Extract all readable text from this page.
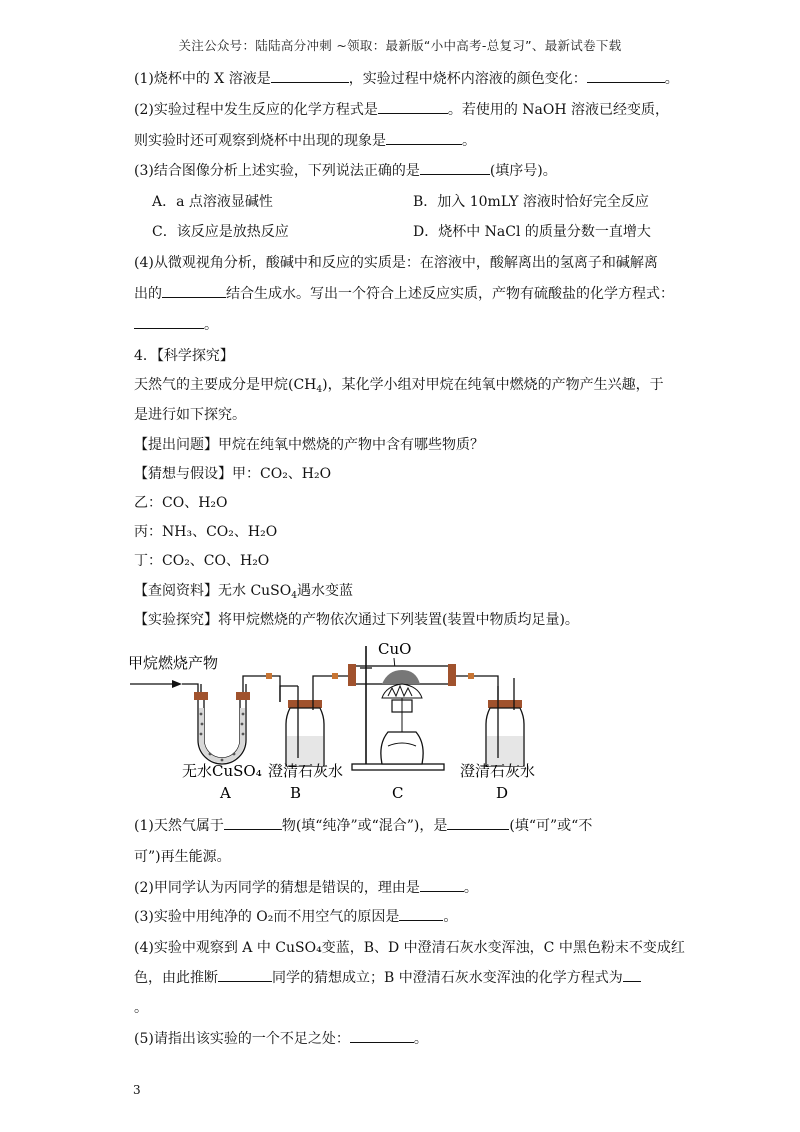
关注公众号：陆陆高分冲刺 ~领取：最新版“小中高考-总复习”、最新试卷下载
(1)烧杯中的 X 溶液是	，实验过程中烧杯内溶液的颜色变化：	。
(2)实验过程中发生反应的化学方程式是	。若使用的 NaOH 溶液已经变质，
则实验时还可观察到烧杯中出现的现象是	。
(3)结合图像分析上述实验，下列说法正确的是	(填序号)。
A．a 点溶液显碱性	B．加入 10mLY 溶液时恰好完全反应
C．该反应是放热反应	D．烧杯中 NaCl 的质量分数一直增大
(4)从微观视角分析，酸碱中和反应的实质是：在溶液中，酸解离出的氢离子和碱解离
出的	结合生成水。写出一个符合上述反应实质，产物有硫酸盐的化学方程式：
。
4．【科学探究】
天然气的主要成分是甲烷$(CH_4)$，某化学小组对甲烷在纯氧中燃烧的产物产生兴趣，于
是进行如下探究。
【提出问题】甲烷在纯氧中燃烧的产物中含有哪些物质？
【猜想与假设】甲：CO₂、H₂O
乙：CO、H₂O
丙：NH₃、CO₂、H₂O
丁：CO₂、CO、H₂O
【查阅资料】无水 CuSO$_4$遇水变蓝
【实验探究】将甲烷燃烧的产物依次通过下列装置(装置中物质均足量)。
甲烷燃烧产物
CuO
无水CuSO₄ 澄清石灰水	澄清石灰水
A	B	C	D
(1)天然气属于	物(填“纯净”或“混合”)，是	(填“可”或“不
可”)再生能源。
(2)甲同学认为丙同学的猜想是错误的，理由是	。
(3)实验中用纯净的 O₂而不用空气的原因是	。
(4)实验中观察到 A 中 CuSO₄变蓝，B、D 中澄清石灰水变浑浊，C 中黑色粉末不变成红
色，由此推断	同学的猜想成立；B 中澄清石灰水变浑浊的化学方程式为
。
(5)请指出该实验的一个不足之处：	。
3
